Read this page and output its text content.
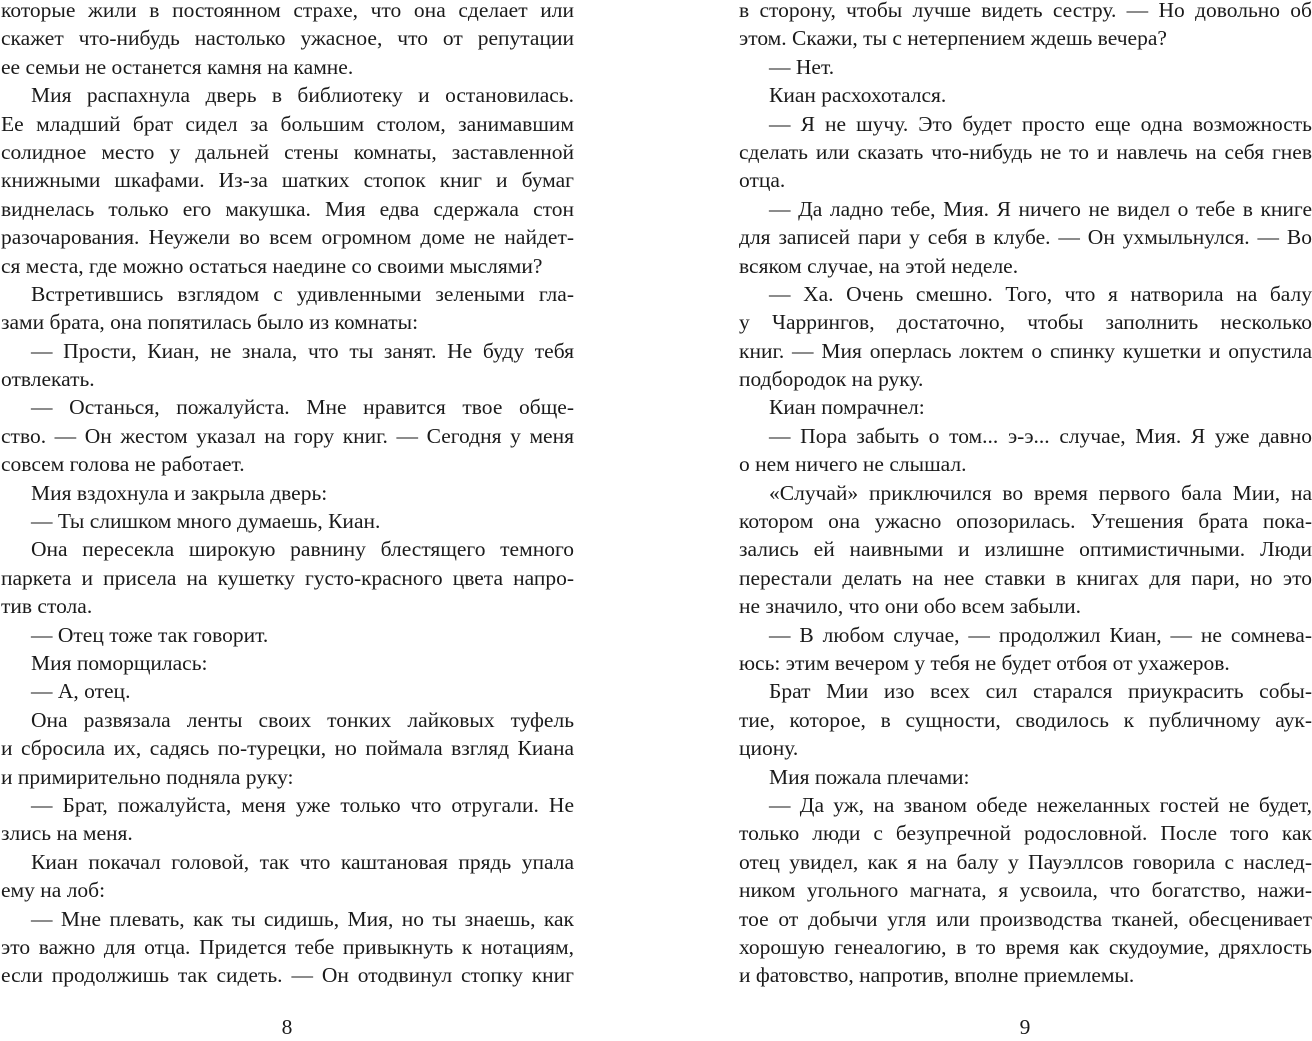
которые жили в постоянном страхе, что она сделает или
скажет что-нибудь настолько ужасное, что от репутации
ее семьи не останется камня на камне.
Мия распахнула дверь в библиотеку и остановилась.
Ее младший брат сидел за большим столом, занимавшим
солидное место у дальней стены комнаты, заставленной
книжными шкафами. Из-за шатких стопок книг и бумаг
виднелась только его макушка. Мия едва сдержала стон
разочарования. Неужели во всем огромном доме не найдет-
ся места, где можно остаться наедине со своими мыслями?
Встретившись взглядом с удивленными зелеными гла-
зами брата, она попятилась было из комнаты:
— Прости, Киан, не знала, что ты занят. Не буду тебя
отвлекать.
— Останься, пожалуйста. Мне нравится твое обще-
ство. — Он жестом указал на гору книг. — Сегодня у меня
совсем голова не работает.
Мия вздохнула и закрыла дверь:
— Ты слишком много думаешь, Киан.
Она пересекла широкую равнину блестящего темного
паркета и присела на кушетку густо-красного цвета напро-
тив стола.
— Отец тоже так говорит.
Мия поморщилась:
— А, отец.
Она развязала ленты своих тонких лайковых туфель
и сбросила их, садясь по-турецки, но поймала взгляд Киана
и примирительно подняла руку:
— Брат, пожалуйста, меня уже только что отругали. Не
злись на меня.
Киан покачал головой, так что каштановая прядь упала
ему на лоб:
— Мне плевать, как ты сидишь, Мия, но ты знаешь, как
это важно для отца. Придется тебе привыкнуть к нотациям,
если продолжишь так сидеть. — Он отодвинул стопку книг
в сторону, чтобы лучше видеть сестру. — Но довольно об
этом. Скажи, ты с нетерпением ждешь вечера?
— Нет.
Киан расхохотался.
— Я не шучу. Это будет просто еще одна возможность
сделать или сказать что-нибудь не то и навлечь на себя гнев
отца.
— Да ладно тебе, Мия. Я ничего не видел о тебе в книге
для записей пари у себя в клубе. — Он ухмыльнулся. — Во
всяком случае, на этой неделе.
— Ха. Очень смешно. Того, что я натворила на балу
у Чаррингов, достаточно, чтобы заполнить несколько
книг. — Мия оперлась локтем о спинку кушетки и опустила
подбородок на руку.
Киан помрачнел:
— Пора забыть о том... э-э... случае, Мия. Я уже давно
о нем ничего не слышал.
«Случай» приключился во время первого бала Мии, на
котором она ужасно опозорилась. Утешения брата пока-
зались ей наивными и излишне оптимистичными. Люди
перестали делать на нее ставки в книгах для пари, но это
не значило, что они обо всем забыли.
— В любом случае, — продолжил Киан, — не сомнева-
юсь: этим вечером у тебя не будет отбоя от ухажеров.
Брат Мии изо всех сил старался приукрасить собы-
тие, которое, в сущности, сводилось к публичному аук-
циону.
Мия пожала плечами:
— Да уж, на званом обеде нежеланных гостей не будет,
только люди с безупречной родословной. После того как
отец увидел, как я на балу у Пауэллсов говорила с наслед-
ником угольного магната, я усвоила, что богатство, нажи-
тое от добычи угля или производства тканей, обесценивает
хорошую генеалогию, в то время как скудоумие, дряхлость
и фатовство, напротив, вполне приемлемы.
8	9
